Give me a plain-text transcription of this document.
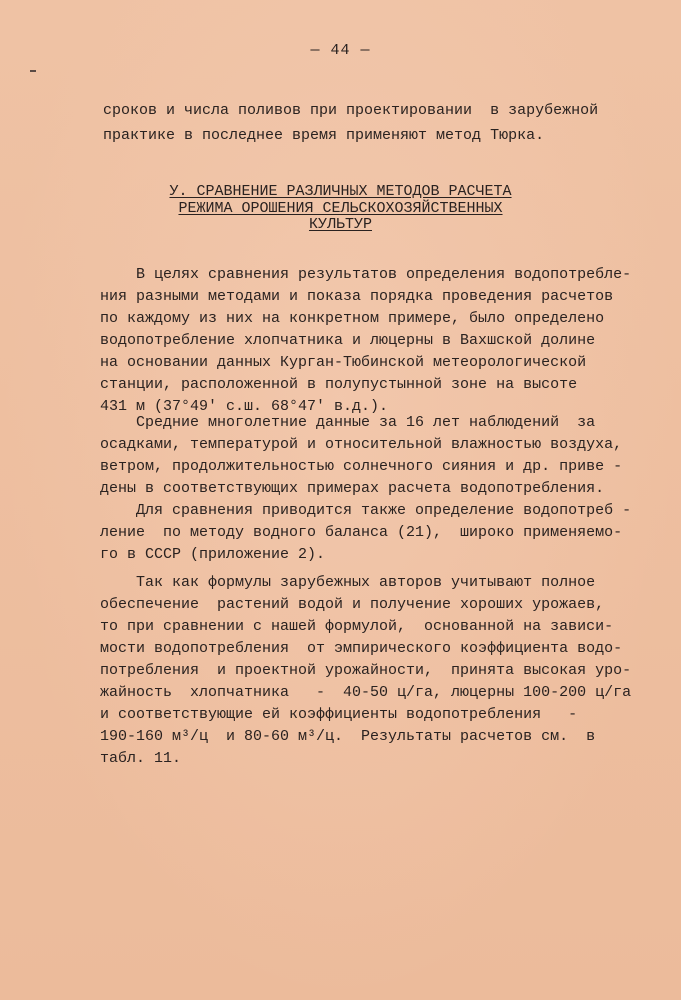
— 44 —
сроков и числа поливов при проектировании  в зарубежной
практике в последнее время применяют метод Тюрка.
У. СРАВНЕНИЕ РАЗЛИЧНЫХ МЕТОДОВ РАСЧЕТА
РЕЖИМА ОРОШЕНИЯ СЕЛЬСКОХОЗЯЙСТВЕННЫХ
КУЛЬТУР
В целях сравнения результатов определения водопотребле-
ния разными методами и показа порядка проведения расчетов
по каждому из них на конкретном примере, было определено
водопотребление хлопчатника и люцерны в Вахшской долине
на основании данных Курган-Тюбинской метеорологической
станции, расположенной в полупустынной зоне на высоте
431 м (37°49' с.ш. 68°47' в.д.).
Средние многолетние данные за 16 лет наблюдений  за
осадками, температурой и относительной влажностью воздуха,
ветром, продолжительностью солнечного сияния и др. приве -
дены в соответствующих примерах расчета водопотребления.
Для сравнения приводится также определение водопотреб -
ление  по методу водного баланса (21),  широко применяемо-
го в СССР (приложение 2).
Так как формулы зарубежных авторов учитывают полное
обеспечение  растений водой и получение хороших урожаев,
то при сравнении с нашей формулой,  основанной на зависи-
мости водопотребления  от эмпирического коэффициента водо-
потребления  и проектной урожайности,  принята высокая уро-
жайность  хлопчатника   -  40-50 ц/га, люцерны 100-200 ц/га
и соответствующие ей коэффициенты водопотребления   -
190-160 м³/ц  и 80-60 м³/ц.  Результаты расчетов см.  в
табл. 11.
